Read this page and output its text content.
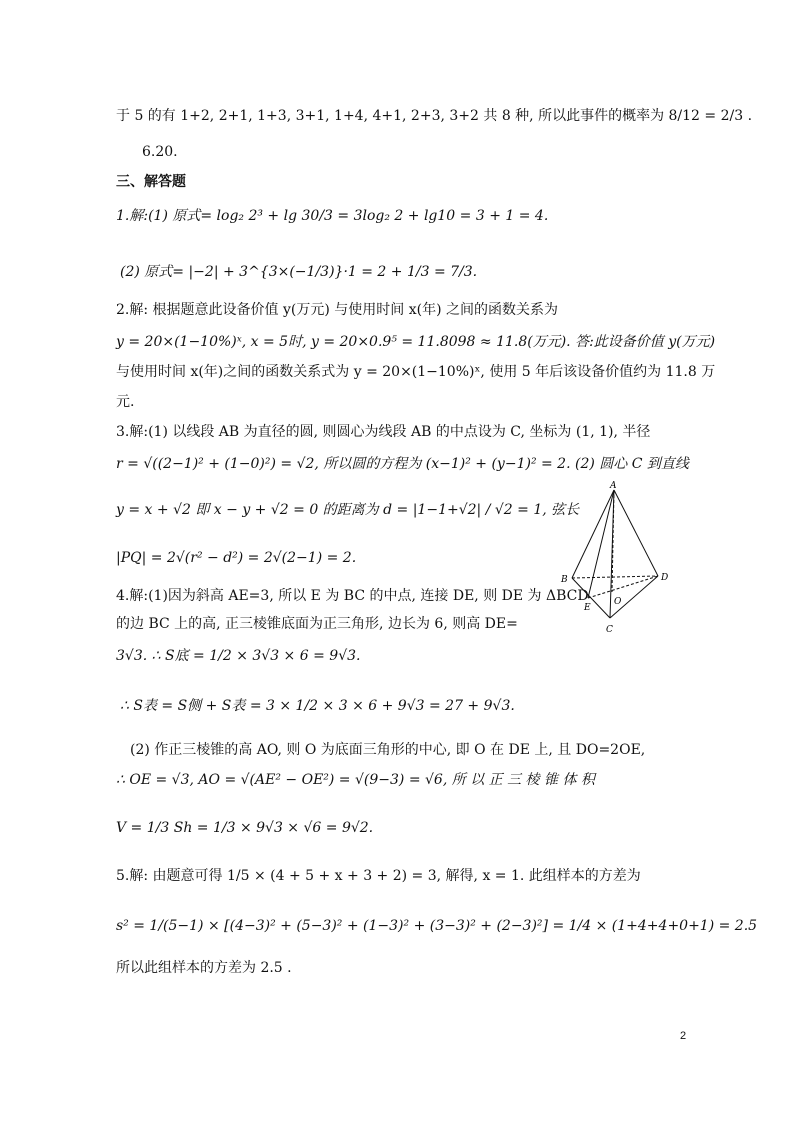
于 5 的有 1+2, 2+1, 1+3, 3+1, 1+4, 4+1, 2+3, 3+2 共 8 种, 所以此事件的概率为 8/12 = 2/3 .
6.20.
三、解答题
1.解:(1) 原式= log₂ 2³ + lg 30/3 = 3log₂ 2 + lg10 = 3 + 1 = 4.
(2) 原式= |−2| + 3^{3×(−1/3)}·1 = 2 + 1/3 = 7/3.
2.解: 根据题意此设备价值 y(万元) 与使用时间 x(年) 之间的函数关系为
y = 20×(1−10%)ˣ, x = 5时, y = 20×0.9⁵ = 11.8098 ≈ 11.8(万元). 答:此设备价值 y(万元)
与使用时间 x(年)之间的函数关系式为 y = 20×(1−10%)ˣ, 使用 5 年后该设备价值约为 11.8 万
元.
3.解:(1) 以线段 AB 为直径的圆, 则圆心为线段 AB 的中点设为 C, 坐标为 (1, 1), 半径
r = √((2−1)² + (1−0)²) = √2, 所以圆的方程为 (x−1)² + (y−1)² = 2. (2) 圆心 C 到直线
y = x + √2 即 x − y + √2 = 0 的距离为 d = |1−1+√2| / √2 = 1, 弦长
|PQ| = 2√(r² − d²) = 2√(2−1) = 2.
4.解:(1)因为斜高 AE=3, 所以 E 为 BC 的中点, 连接 DE, 则 DE 为 ΔBCD
的边 BC 上的高, 正三棱锥底面为正三角形, 边长为 6, 则高 DE=
3√3. ∴ S底 = 1/2 × 3√3 × 6 = 9√3.
∴ S表 = S侧 + S表 = 3 × 1/2 × 3 × 6 + 9√3 = 27 + 9√3.
(2) 作正三棱锥的高 AO, 则 O 为底面三角形的中心, 即 O 在 DE 上, 且 DO=2OE,
∴ OE = √3, AO = √(AE² − OE²) = √(9−3) = √6, 所 以 正 三 棱 锥 体 积
V = 1/3 Sh = 1/3 × 9√3 × √6 = 9√2.
5.解: 由题意可得 1/5 × (4 + 5 + x + 3 + 2) = 3, 解得, x = 1. 此组样本的方差为
s² = 1/(5−1) × [(4−3)² + (5−3)² + (1−3)² + (3−3)² + (2−3)²] = 1/4 × (1+4+4+0+1) = 2.5
所以此组样本的方差为 2.5 .
A
B	D
E
O
C
2
